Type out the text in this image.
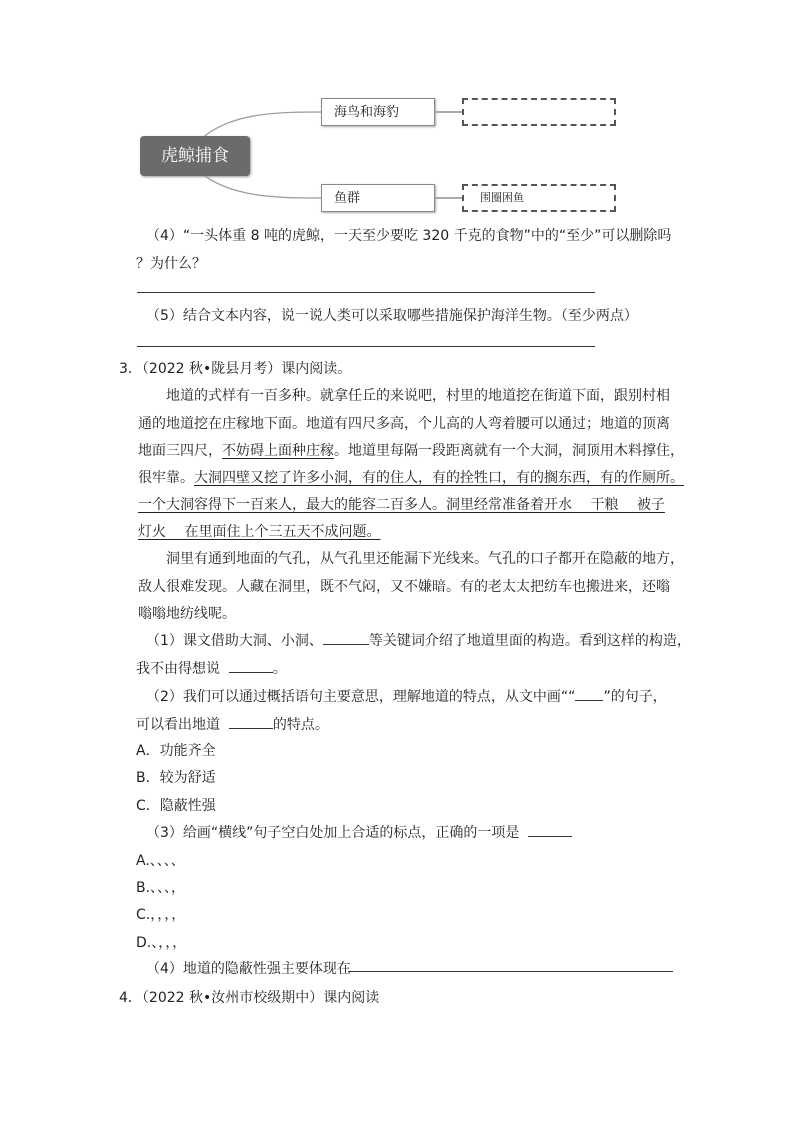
虎鲸捕食
海鸟和海豹
鱼群	围圈困鱼
（4）“一头体重 8 吨的虎鲸，一天至少要吃 320 千克的食物”中的“至少”可以删除吗
？为什么？
（5）结合文本内容，说一说人类可以采取哪些措施保护海洋生物。（至少两点）
3．（2022 秋•陇县月考）课内阅读。
地道的式样有一百多种。就拿任丘的来说吧，村里的地道挖在街道下面，跟别村相
通的地道挖在庄稼地下面。地道有四尺多高，个儿高的人弯着腰可以通过；地道的顶离
地面三四尺，不妨碍上面种庄稼。地道里每隔一段距离就有一个大洞，洞顶用木料撑住，
很牢靠。大洞四壁又挖了许多小洞，有的住人，有的拴牲口，有的搁东西，有的作厕所。
一个大洞容得下一百来人，最大的能容二百多人。洞里经常准备着开水　 干粮　 被子
灯火　 在里面住上个三五天不成问题。
洞里有通到地面的气孔，从气孔里还能漏下光线来。气孔的口子都开在隐蔽的地方，
敌人很难发现。人藏在洞里，既不气闷，又不嫌暗。有的老太太把纺车也搬进来，还嗡
嗡嗡地纺线呢。
（1）课文借助大洞、小洞、	等关键词介绍了地道里面的构造。看到这样的构造，
我不由得想说	。
（2）我们可以通过概括语句主要意思，理解地道的特点，从文中画““ ”的句子，
可以看出地道	的特点。
A．功能齐全
B．较为舒适
C．隐蔽性强
（3）给画“横线”句子空白处加上合适的标点，正确的一项是
A.、、、、
B.、、、，
C.，，，，
D.、，，，
（4）地道的隐蔽性强主要体现在
4．（2022 秋•汝州市校级期中）课内阅读
